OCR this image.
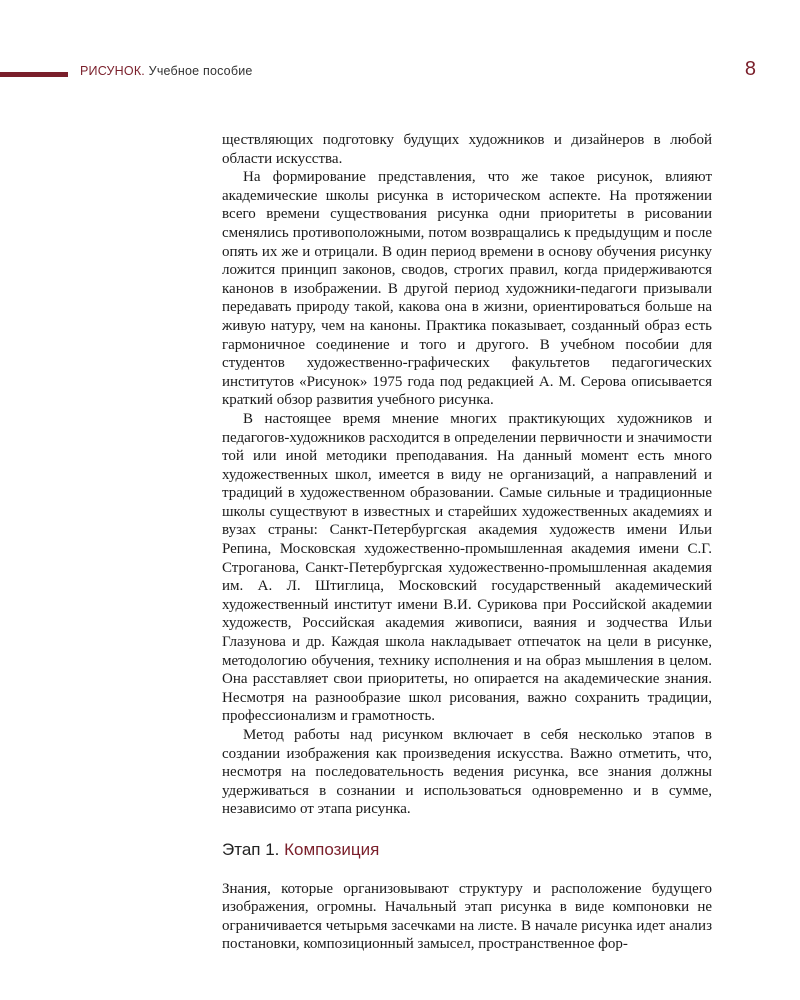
РИСУНОК. Учебное пособие	8

ществляющих подготовку будущих художников и дизайнеров в любой области искусства.

На формирование представления, что же такое рисунок, влияют академические школы рисунка в историческом аспекте. На протяжении всего времени существования рисунка одни приоритеты в рисовании сменялись противоположными, потом возвращались к предыдущим и после опять их же и отрицали. В один период времени в основу обучения рисунку ложится принцип законов, сводов, строгих правил, когда придерживаются канонов в изображении. В другой период художники-педагоги призывали передавать природу такой, какова она в жизни, ориентироваться больше на живую натуру, чем на каноны. Практика показывает, созданный образ есть гармоничное соединение и того и другого. В учебном пособии для студентов художественно-графических факультетов педагогических институтов «Рисунок» 1975 года под редакцией А. М. Серова описывается краткий обзор развития учебного рисунка.

В настоящее время мнение многих практикующих художников и педагогов-художников расходится в определении первичности и значимости той или иной методики преподавания. На данный момент есть много художественных школ, имеется в виду не организаций, а направлений и традиций в художественном образовании. Самые сильные и традиционные школы существуют в известных и старейших художественных академиях и вузах страны: Санкт-Петербургская академия художеств имени Ильи Репина, Московская художественно-промышленная академия имени С.Г. Строганова, Санкт-Петербургская художественно-промышленная академия им. А. Л. Штиглица, Московский государственный академический художественный институт имени В.И. Сурикова при Российской академии художеств, Российская академия живописи, ваяния и зодчества Ильи Глазунова и др. Каждая школа накладывает отпечаток на цели в рисунке, методологию обучения, технику исполнения и на образ мышления в целом. Она расставляет свои приоритеты, но опирается на академические знания. Несмотря на разнообразие школ рисования, важно сохранить традиции, профессионализм и грамотность.

Метод работы над рисунком включает в себя несколько этапов в создании изображения как произведения искусства. Важно отметить, что, несмотря на последовательность ведения рисунка, все знания должны удерживаться в сознании и использоваться одновременно и в сумме, независимо от этапа рисунка.

Этап 1. Композиция

Знания, которые организовывают структуру и расположение будущего изображения, огромны. Начальный этап рисунка в виде компоновки не ограничивается четырьмя засечками на листе. В начале рисунка идет анализ постановки, композиционный замысел, пространственное фор-
